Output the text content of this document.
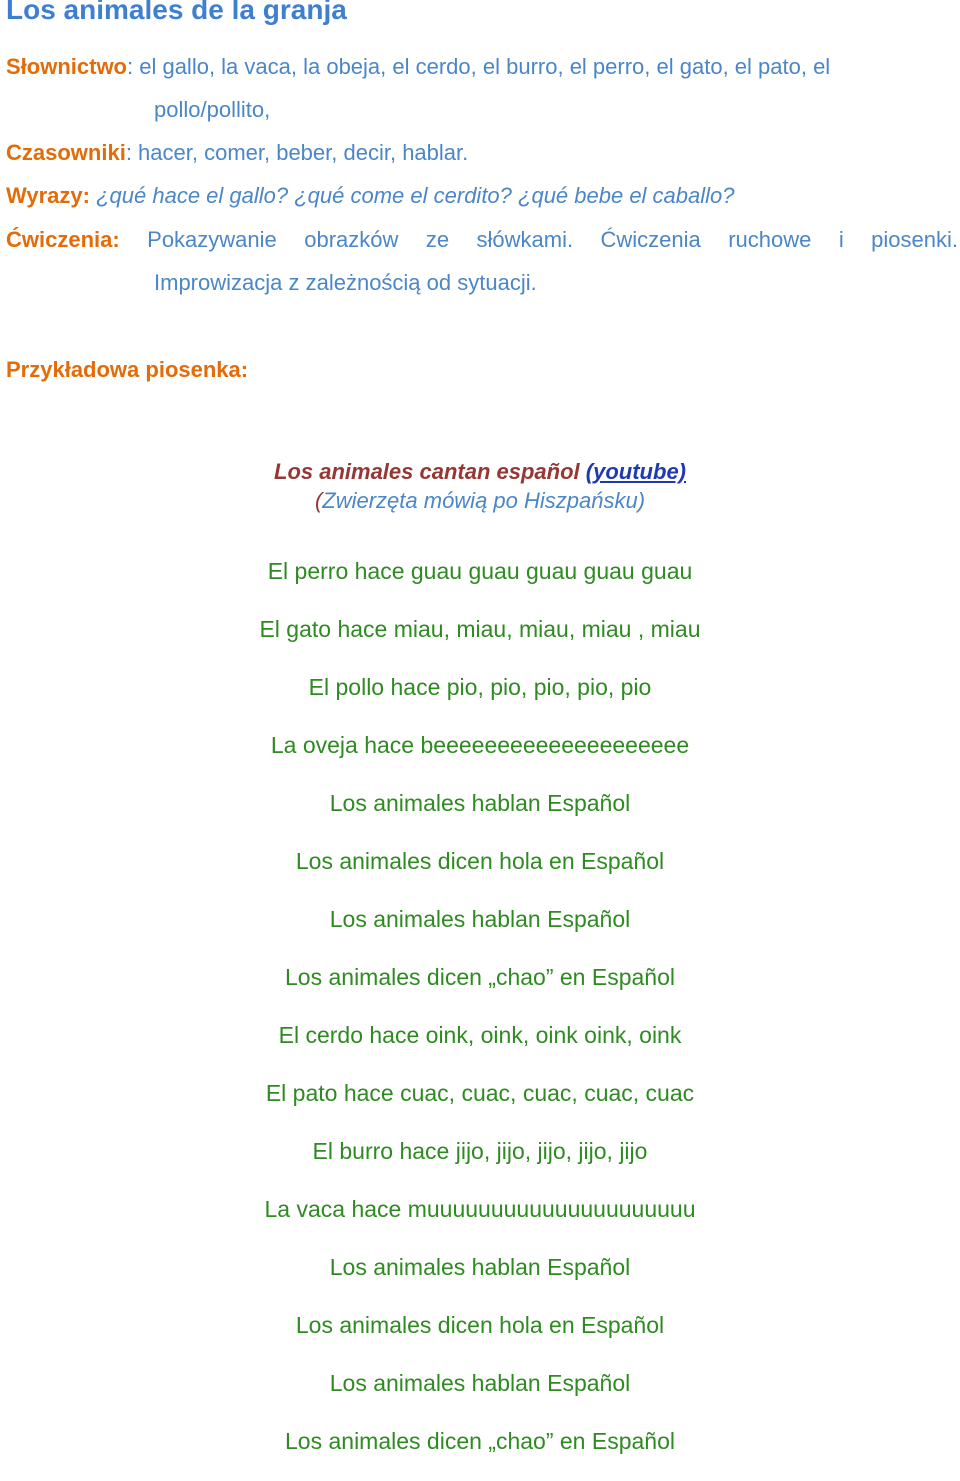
Los animales de la granja
Słownictwo: el gallo, la vaca, la obeja, el cerdo, el burro, el perro, el gato, el pato, el
pollo/pollito,
Czasowniki: hacer, comer, beber, decir, hablar.
Wyrazy: ¿qué hace el gallo? ¿qué come el cerdito? ¿qué bebe el caballo?
Ćwiczenia: Pokazywanie obrazków ze słówkami. Ćwiczenia ruchowe i piosenki.
Improwizacja z zależnością od sytuacji.
Przykładowa piosenka:
Los animales cantan español (youtube)
(Zwierzęta mówią po Hiszpańsku)
El perro hace guau guau guau guau guau
El gato hace miau, miau, miau, miau , miau
El pollo hace pio, pio, pio, pio, pio
La oveja hace beeeeeeeeeeeeeeeeeeee
Los animales hablan Español
Los animales dicen hola en Español
Los animales hablan Español
Los animales dicen „chao” en Español
El cerdo hace oink, oink, oink oink, oink
El pato hace cuac, cuac, cuac, cuac, cuac
El burro hace jijo, jijo, jijo, jijo, jijo
La vaca hace muuuuuuuuuuuuuuuuuuuuu
Los animales hablan Español
Los animales dicen hola en Español
Los animales hablan Español
Los animales dicen „chao” en Español
